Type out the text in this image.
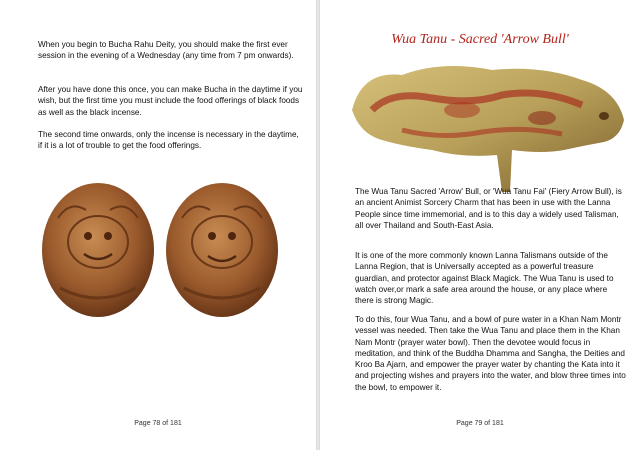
When you begin to Bucha Rahu Deity, you should make the first ever session in the evening of a Wednesday (any time from 7 pm onwards).

After you have done this once, you can make Bucha in the daytime if you wish, but the first time you must include the food offerings of black foods as well as the black incense.

The second time onwards, only the incense is necessary in the daytime, if it is a lot of trouble to get the food offerings.

Page 78 of 181
Wua Tanu - Sacred 'Arrow Bull'

The Wua Tanu Sacred 'Arrow' Bull, or 'Wua Tanu Fai' (Fiery Arrow Bull), is an ancient Animist Sorcery Charm that has been in use with the Lanna People since time immemorial, and is to this day a widely used Talisman, all over Thailand and South-East Asia.

It is one of the more commonly known Lanna Talismans outside of the Lanna Region, that is Universally accepted as a powerful treasure guardian, and protector against Black Magick. The Wua Tanu is used to watch over,or mark a safe area around the house, or any place where there is strong Magic.

To do this, four Wua Tanu, and a bowl of pure water in a Khan Nam Montr vessel was needed. Then take the Wua Tanu and place them in the Khan Nam Montr (prayer water bowl). Then the devotee would focus in meditation, and think of the Buddha Dhamma and Sangha, the Deities and Kroo Ba Ajarn, and empower the prayer water by chanting the Kata into it and projecting wishes and prayers into the water, and blow three times into the bowl, to empower it.

Page 79 of 181
